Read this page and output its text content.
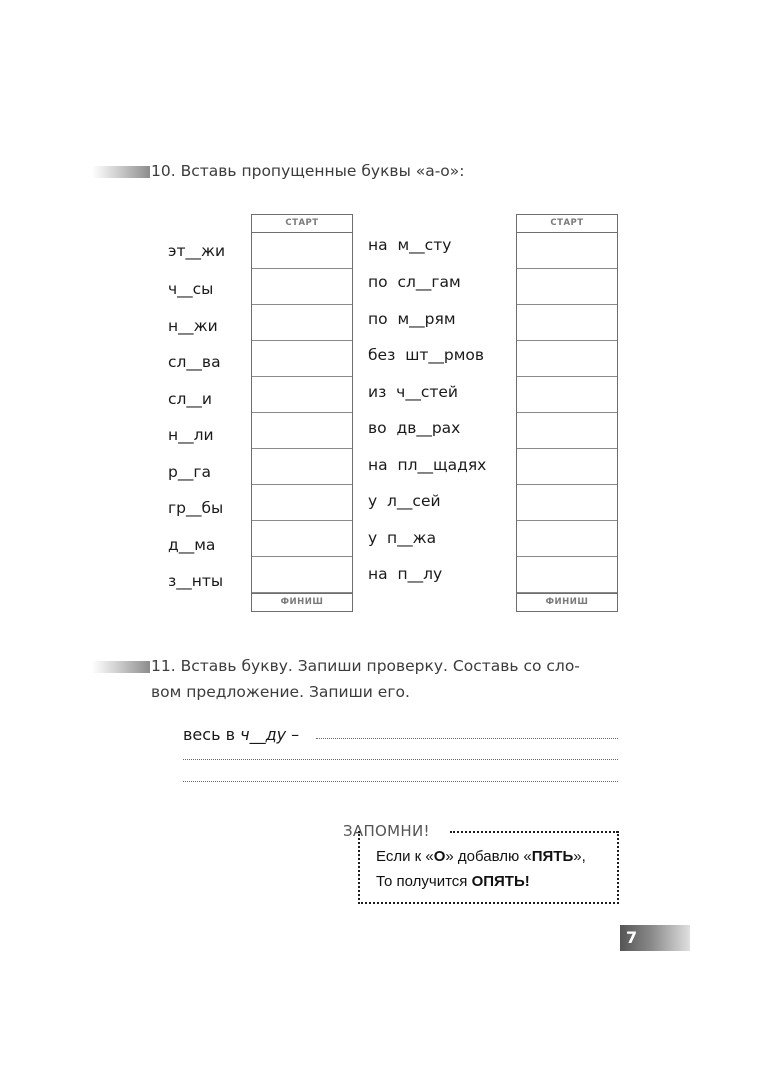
10. Вставь пропущенные буквы «а-о»:
эт__жи
ч__сы
н__жи
сл__ва
сл__и
н__ли
р__га
гр__бы
д__ма
з__нты
СТАРТ
ФИНИШ
на  м__сту
по  сл__гам
по  м__рям
без  шт__рмов
из  ч__стей
во  дв__рах
на  пл__щадях
у  л__сей
у  п__жа
на  п__лу
СТАРТ
ФИНИШ
11. Вставь букву. Запиши проверку. Составь со сло-
вом предложение. Запиши его.
весь в ч__ду –
ЗАПОМНИ!
Если к «О» добавлю «ПЯТЬ»,
То получится ОПЯТЬ!
7
